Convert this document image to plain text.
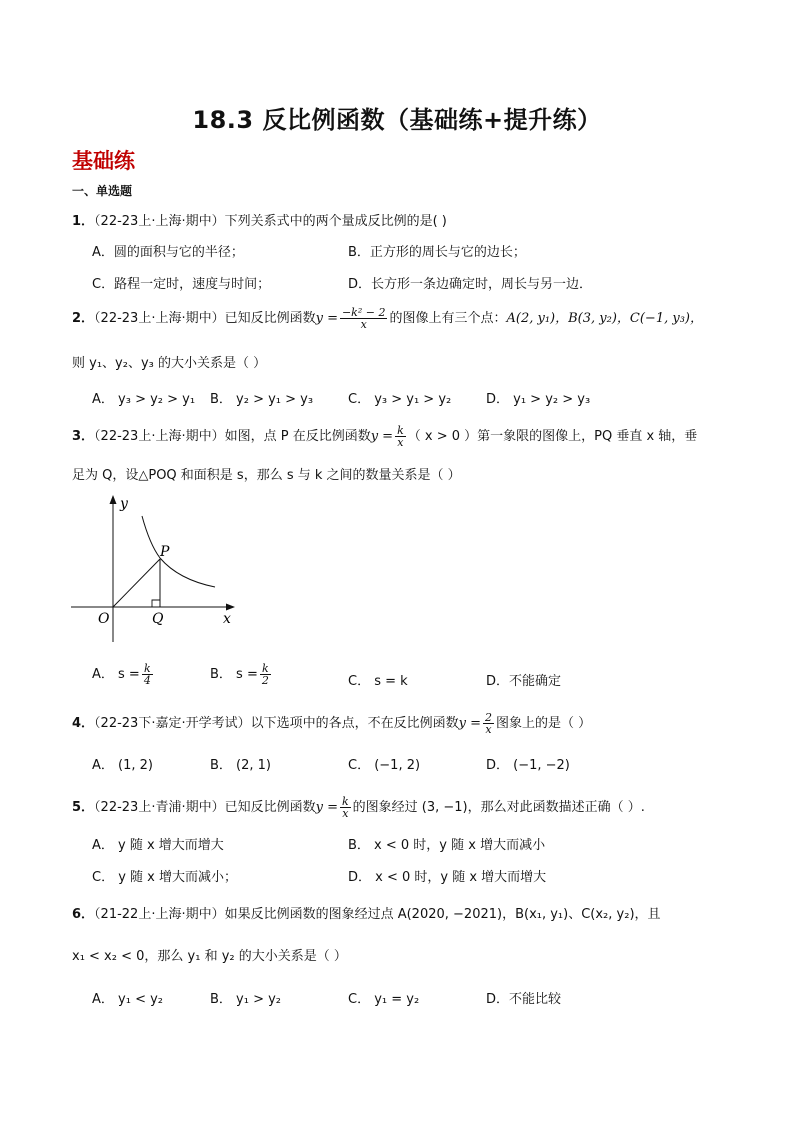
18.3 反比例函数（基础练+提升练）
基础练
一、单选题
1．（22-23上·上海·期中）下列关系式中的两个量成反比例的是( )
A．圆的面积与它的半径；	B．正方形的周长与它的边长；
C．路程一定时，速度与时间；	D．长方形一条边确定时，周长与另一边．
2．（22-23上·上海·期中）已知反比例函数$y = \frac{\text{−k² − 2}}{x}$ 的图像上有三个点：A(2, y₁)，B(3, y₂)，C(−1, y₃)，
则 y₁、y₂、y₃ 的大小关系是（ ）
A． y₃ > y₂ > y₁ B． y₂ > y₁ > y₃	C． y₃ > y₁ > y₂	D． y₁ > y₂ > y₃
3．（22-23上·上海·期中）如图，点 P 在反比例函数$y = \frac{k}{x}$ （ x > 0 ）第一象限的图像上，PQ 垂直 x 轴，垂
足为 Q，设△POQ 和面积是 s，那么 s 与 k 之间的数量关系是（ ）
y
x
O
P
Q
A． $s = \frac{k}{4}$	B． $s = \frac{k}{2}$	C． s = k	D．不能确定
4．（22-23下·嘉定·开学考试）以下选项中的各点，不在反比例函数$y = \frac{2}{x}$ 图象上的是（ ）
A． (1, 2)	B． (2, 1)	C． (−1, 2)	D． (−1, −2)
5．（22-23上·青浦·期中）已知反比例函数$y = \frac{k}{x}$ 的图象经过 (3, −1)，那么对此函数描述正确（ ）.
A． y 随 x 增大而增大	B． x < 0 时，y 随 x 增大而减小
C． y 随 x 增大而减小；	D． x < 0 时，y 随 x 增大而增大
6．（21-22上·上海·期中）如果反比例函数的图象经过点 A(2020, −2021)，B(x₁, y₁)、C(x₂, y₂)，且
x₁ < x₂ < 0，那么 y₁ 和 y₂ 的大小关系是（ ）
A． y₁ < y₂	B． y₁ > y₂	C． y₁ = y₂	D．不能比较
